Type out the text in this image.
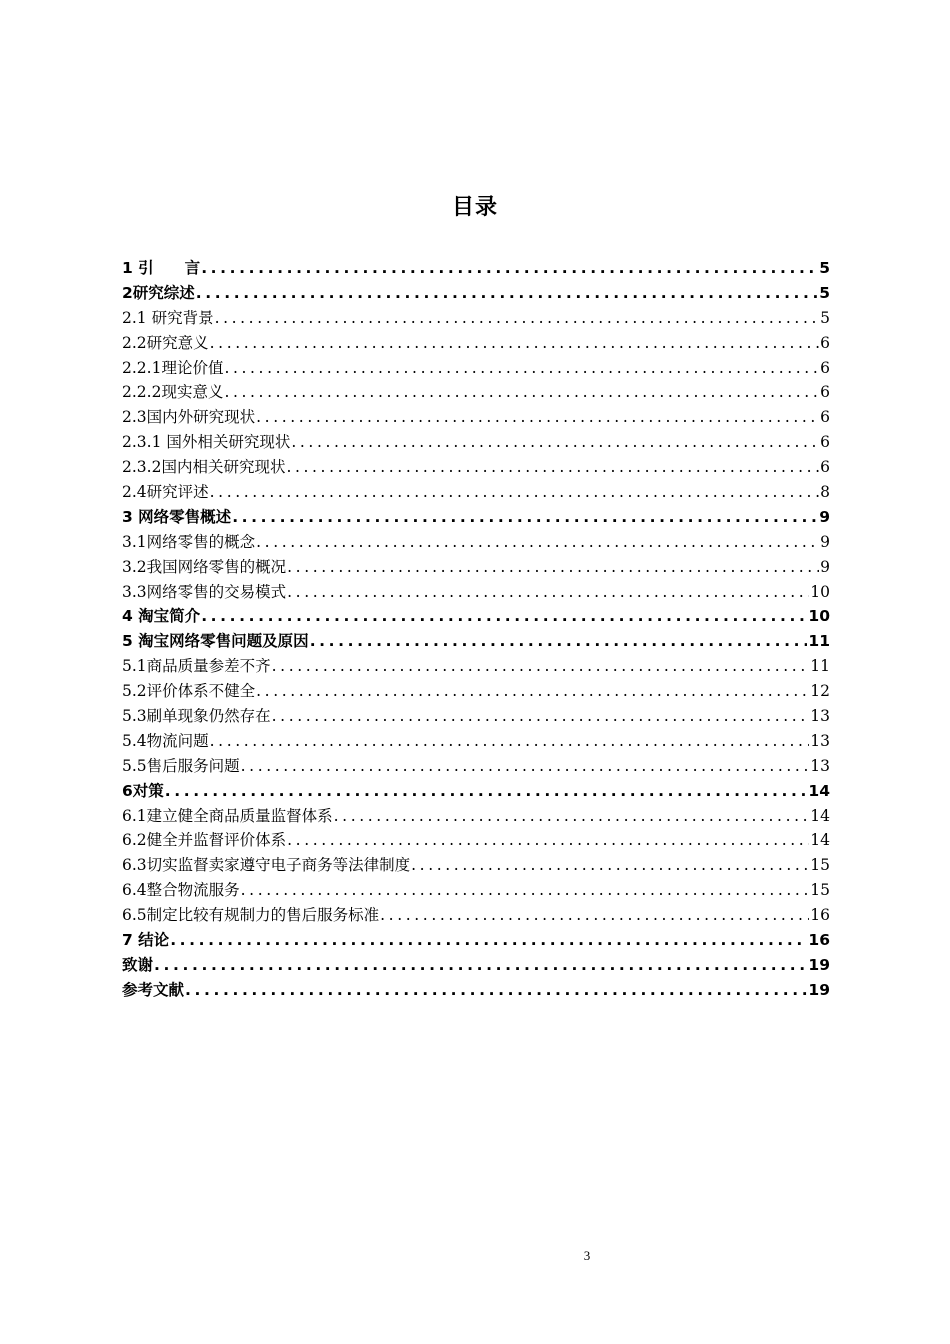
目录
1 引　　言 .....	5
2研究综述 .....	5
2.1 研究背景 .....	5
2.2研究意义 .....	6
2.2.1理论价值 .....	6
2.2.2现实意义 .....	6
2.3国内外研究现状 .....	6
2.3.1 国外相关研究现状 .....	6
2.3.2国内相关研究现状 .....	6
2.4研究评述 .....	8
3 网络零售概述 .....	9
3.1网络零售的概念 .....	9
3.2我国网络零售的概况 .....	9
3.3网络零售的交易模式 .....	10
4 淘宝简介 .....	10
5 淘宝网络零售问题及原因 .....	11
5.1商品质量参差不齐 .....	11
5.2评价体系不健全 .....	12
5.3刷单现象仍然存在 .....	13
5.4物流问题 .....	13
5.5售后服务问题 .....	13
6对策 .....	14
6.1建立健全商品质量监督体系 .....	14
6.2健全并监督评价体系 .....	14
6.3切实监督卖家遵守电子商务等法律制度 .....	15
6.4整合物流服务 .....	15
6.5制定比较有规制力的售后服务标准 .....	16
7 结论 .....	16
致谢 .....	19
参考文献 .....	19
3
